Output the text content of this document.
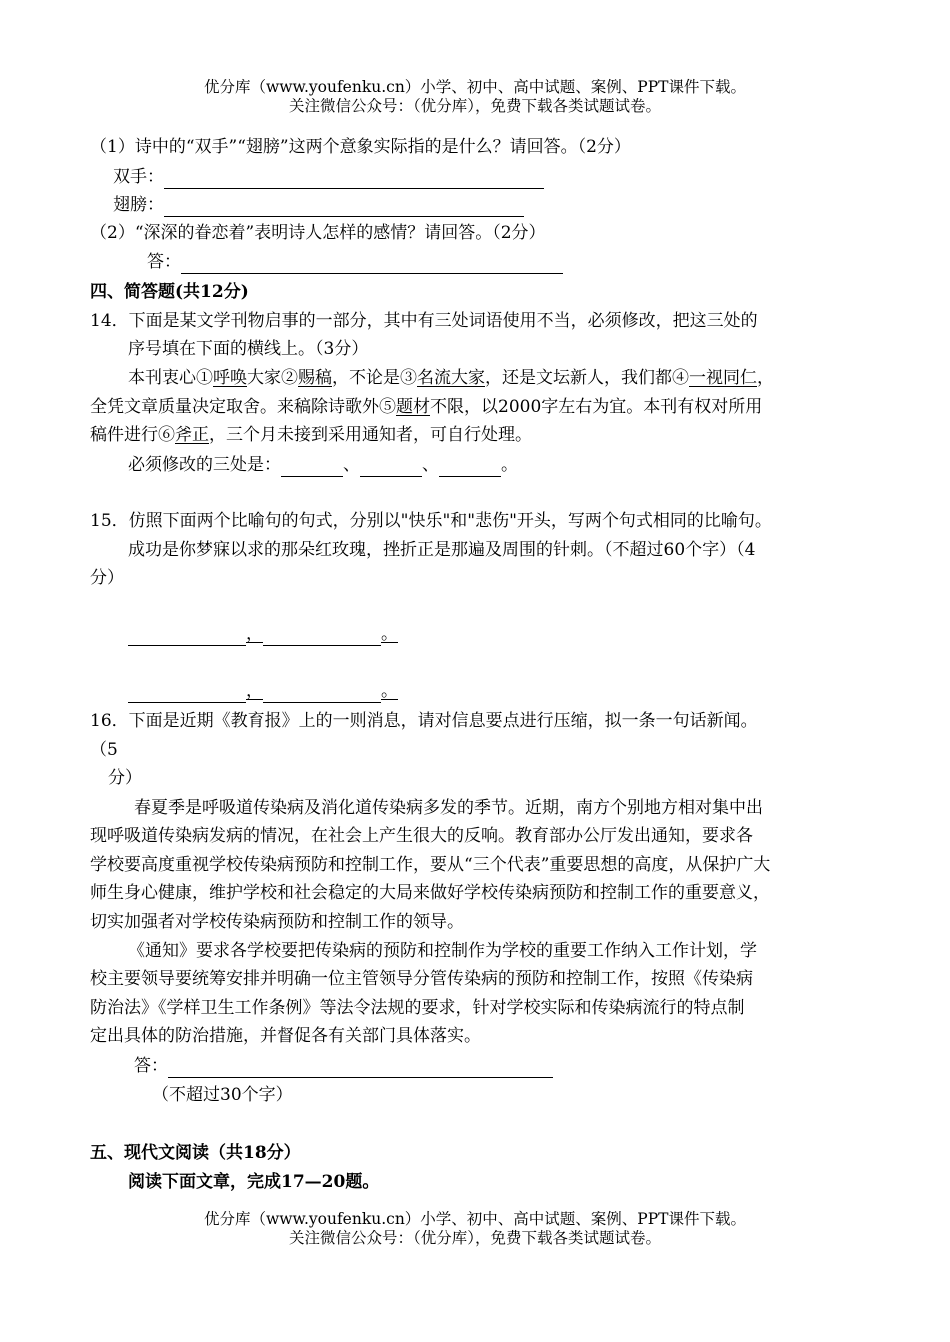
优分库（www.youfenku.cn）小学、初中、高中试题、案例、PPT课件下载。
关注微信公众号：（优分库），免费下载各类试题试卷。
（1）诗中的“双手”“翅膀”这两个意象实际指的是什么？请回答。（2分）
双手：
翅膀：
（2）“深深的眷恋着”表明诗人怎样的感情？请回答。（2分）
答：
四、简答题(共12分)
14．下面是某文学刊物启事的一部分，其中有三处词语使用不当，必须修改，把这三处的
序号填在下面的横线上。（3分）
本刊衷心①呼唤大家②赐稿，不论是③名流大家，还是文坛新人，我们都④一视同仁，
全凭文章质量决定取舍。来稿除诗歌外⑤题材不限，以2000字左右为宜。本刊有权对所用
稿件进行⑥斧正，三个月未接到采用通知者，可自行处理。
必须修改的三处是：	、	、	。
15．仿照下面两个比喻句的句式，分别以"快乐"和"悲伤"开头，写两个句式相同的比喻句。
成功是你梦寐以求的那朵红玫瑰，挫折正是那遍及周围的针刺。（不超过60个字）（4
分）
，	。
，	。
16．下面是近期《教育报》上的一则消息，请对信息要点进行压缩，拟一条一句话新闻。
（5
分）
春夏季是呼吸道传染病及消化道传染病多发的季节。近期，南方个别地方相对集中出
现呼吸道传染病发病的情况，在社会上产生很大的反响。教育部办公厅发出通知，要求各
学校要高度重视学校传染病预防和控制工作，要从“三个代表”重要思想的高度，从保护广大
师生身心健康，维护学校和社会稳定的大局来做好学校传染病预防和控制工作的重要意义，
切实加强者对学校传染病预防和控制工作的领导。
《通知》要求各学校要把传染病的预防和控制作为学校的重要工作纳入工作计划，学
校主要领导要统筹安排并明确一位主管领导分管传染病的预防和控制工作，按照《传染病
防治法》《学样卫生工作条例》等法令法规的要求，针对学校实际和传染病流行的特点制
定出具体的防治措施，并督促各有关部门具体落实。
答：
（不超过30个字）
五、现代文阅读（共18分）
阅读下面文章，完成17—20题。
优分库（www.youfenku.cn）小学、初中、高中试题、案例、PPT课件下载。
关注微信公众号：（优分库），免费下载各类试题试卷。
